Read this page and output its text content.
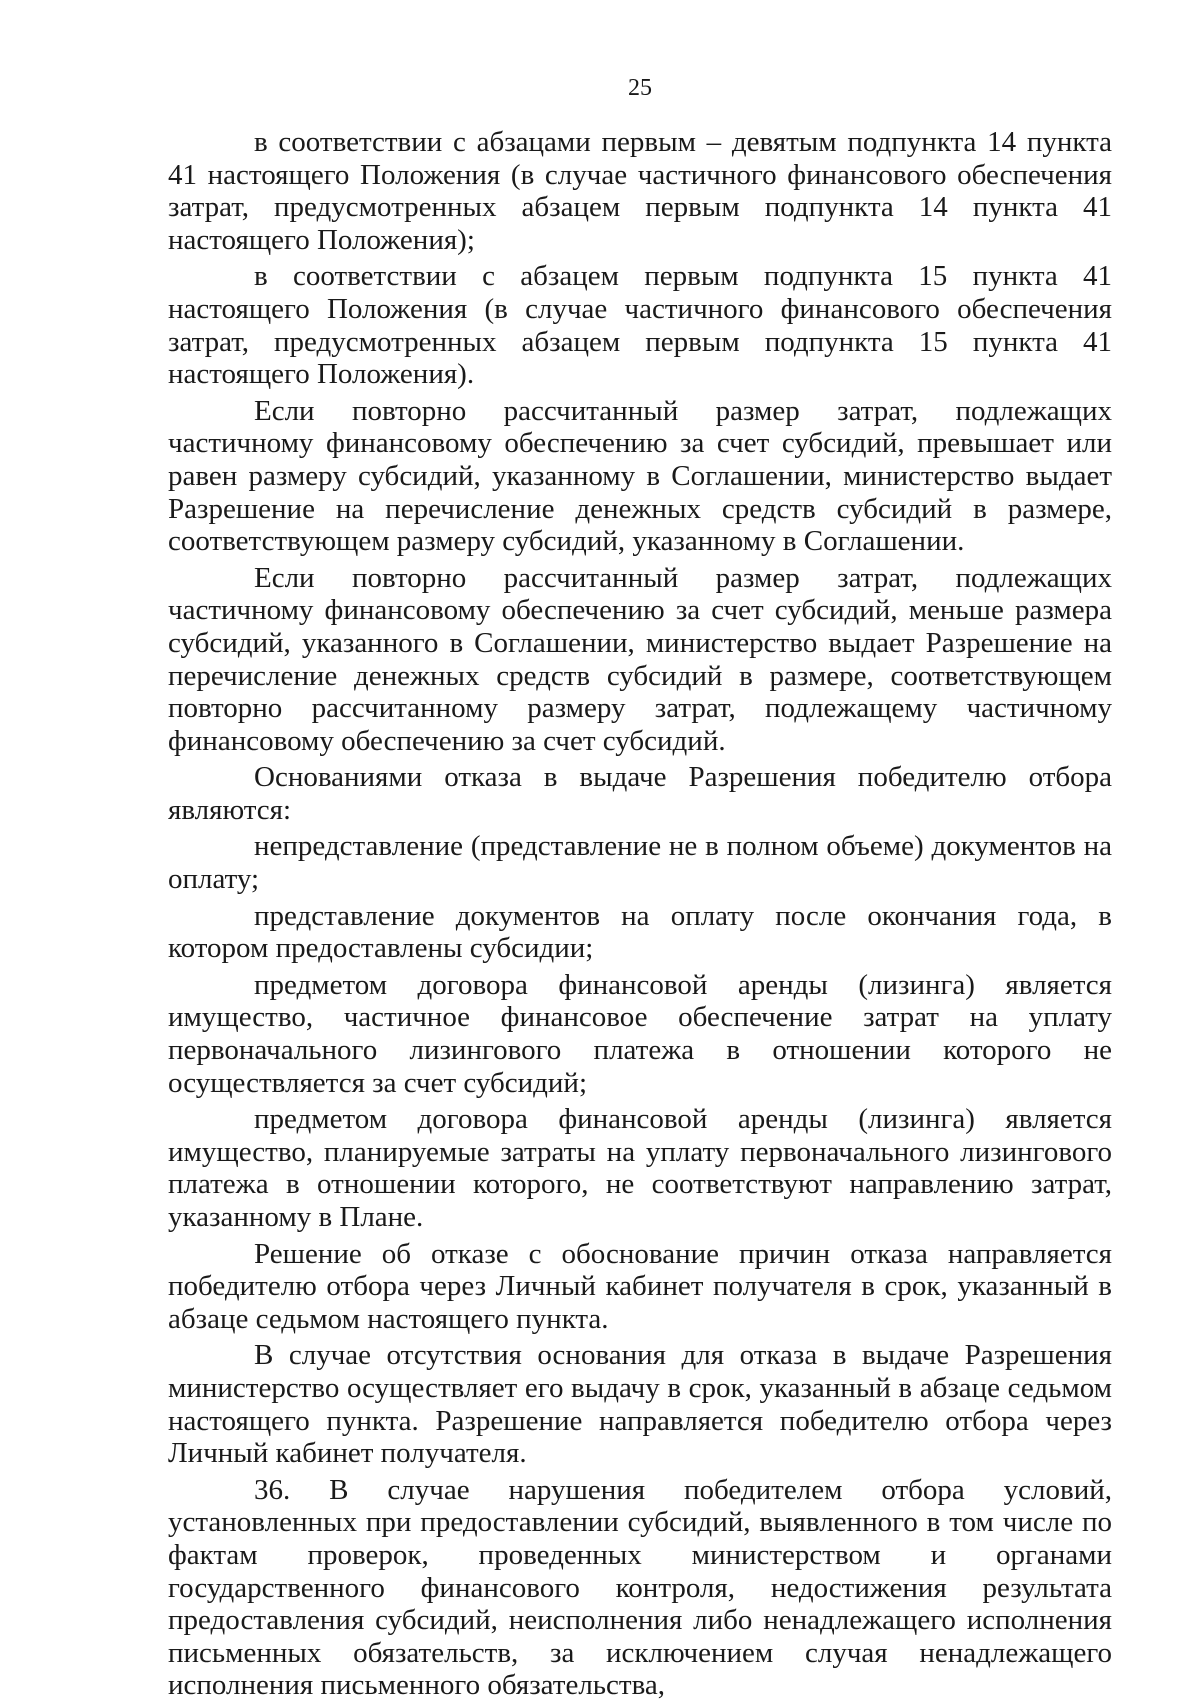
25

в соответствии с абзацами первым – девятым подпункта 14 пункта 41 настоящего Положения (в случае частичного финансового обеспечения затрат, предусмотренных абзацем первым подпункта 14 пункта 41 настоящего Положения);

в соответствии с абзацем первым подпункта 15 пункта 41 настоящего Положения (в случае частичного финансового обеспечения затрат, предусмотренных абзацем первым подпункта 15 пункта 41 настоящего Положения).

Если повторно рассчитанный размер затрат, подлежащих частичному финансовому обеспечению за счет субсидий, превышает или равен размеру субсидий, указанному в Соглашении, министерство выдает Разрешение на перечисление денежных средств субсидий в размере, соответствующем размеру субсидий, указанному в Соглашении.

Если повторно рассчитанный размер затрат, подлежащих частичному финансовому обеспечению за счет субсидий, меньше размера субсидий, указанного в Соглашении, министерство выдает Разрешение на перечисление денежных средств субсидий в размере, соответствующем повторно рассчитанному размеру затрат, подлежащему частичному финансовому обеспечению за счет субсидий.

Основаниями отказа в выдаче Разрешения победителю отбора являются:

непредставление (представление не в полном объеме) документов на оплату;

представление документов на оплату после окончания года, в котором предоставлены субсидии;

предметом договора финансовой аренды (лизинга) является имущество, частичное финансовое обеспечение затрат на уплату первоначального лизингового платежа в отношении которого не осуществляется за счет субсидий;

предметом договора финансовой аренды (лизинга) является имущество, планируемые затраты на уплату первоначального лизингового платежа в отношении которого, не соответствуют направлению затрат, указанному в Плане.

Решение об отказе с обоснование причин отказа направляется победителю отбора через Личный кабинет получателя в срок, указанный в абзаце седьмом настоящего пункта.

В случае отсутствия основания для отказа в выдаче Разрешения министерство осуществляет его выдачу в срок, указанный в абзаце седьмом настоящего пункта. Разрешение направляется победителю отбора через Личный кабинет получателя.

36. В случае нарушения победителем отбора условий, установленных при предоставлении субсидий, выявленного в том числе по фактам проверок, проведенных министерством и органами государственного финансового контроля, недостижения результата предоставления субсидий, неисполнения либо ненадлежащего исполнения письменных обязательств, за исключением случая ненадлежащего исполнения письменного обязательства,
